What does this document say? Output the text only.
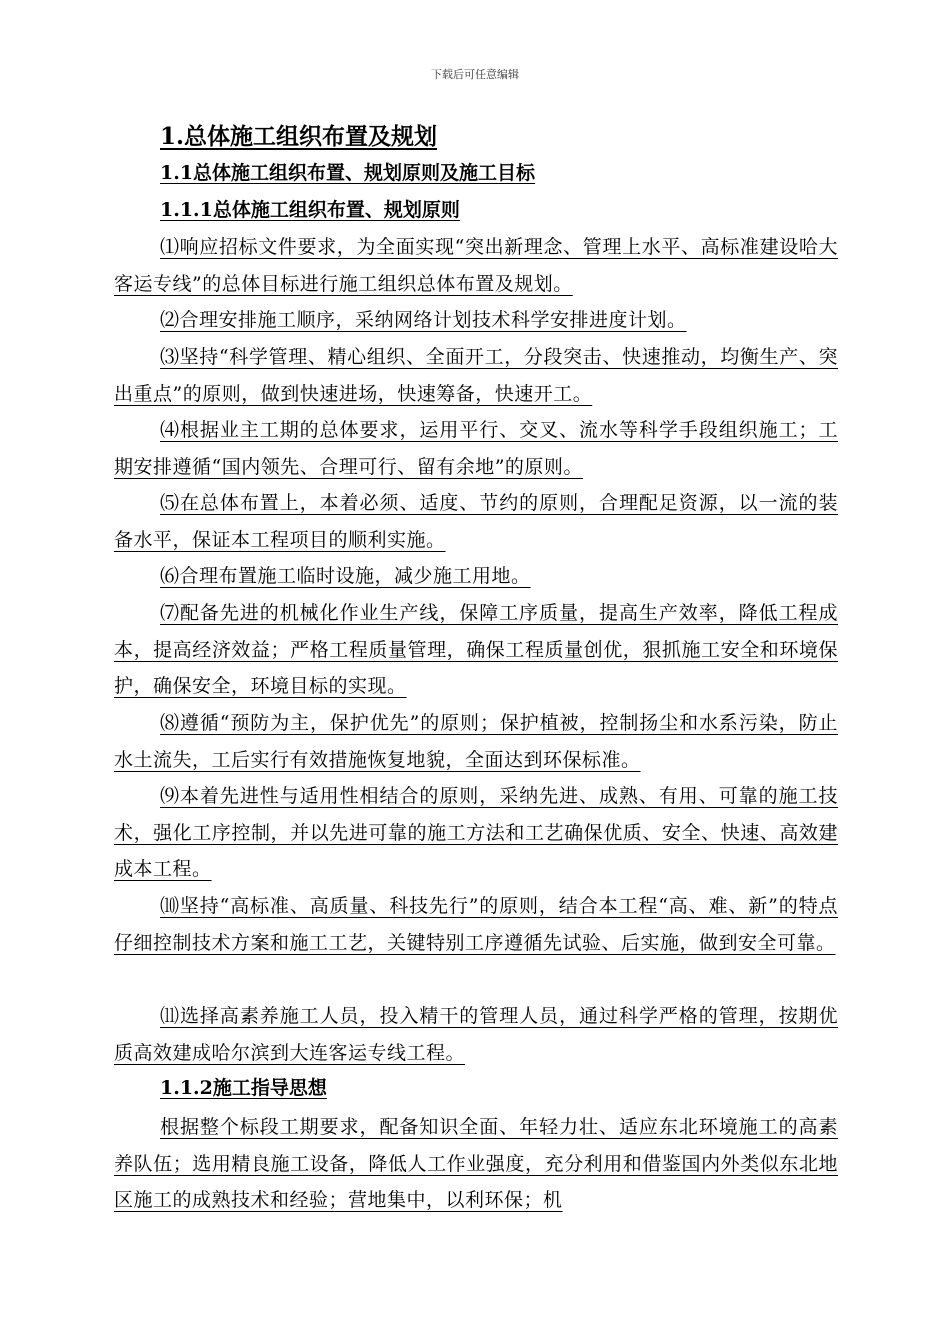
下载后可任意编辑
1.总体施工组织布置及规划
1.1总体施工组织布置、规划原则及施工目标
1.1.1总体施工组织布置、规划原则
⑴响应招标文件要求，为全面实现“突出新理念、管理上水平、高标准建设哈大客运专线”的总体目标进行施工组织总体布置及规划。
⑵合理安排施工顺序，采纳网络计划技术科学安排进度计划。
⑶坚持“科学管理、精心组织、全面开工，分段突击、快速推动，均衡生产、突出重点”的原则，做到快速进场，快速筹备，快速开工。
⑷根据业主工期的总体要求，运用平行、交叉、流水等科学手段组织施工；工期安排遵循“国内领先、合理可行、留有余地”的原则。
⑸在总体布置上，本着必须、适度、节约的原则，合理配足资源，以一流的装备水平，保证本工程项目的顺利实施。
⑹合理布置施工临时设施，减少施工用地。
⑺配备先进的机械化作业生产线，保障工序质量，提高生产效率，降低工程成本，提高经济效益；严格工程质量管理，确保工程质量创优，狠抓施工安全和环境保护，确保安全，环境目标的实现。
⑻遵循“预防为主，保护优先”的原则；保护植被，控制扬尘和水系污染，防止水土流失，工后实行有效措施恢复地貌，全面达到环保标准。
⑼本着先进性与适用性相结合的原则，采纳先进、成熟、有用、可靠的施工技术，强化工序控制，并以先进可靠的施工方法和工艺确保优质、安全、快速、高效建成本工程。
⑽坚持“高标准、高质量、科技先行”的原则，结合本工程“高、难、新”的特点仔细控制技术方案和施工工艺，关键特别工序遵循先试验、后实施，做到安全可靠。
⑾选择高素养施工人员，投入精干的管理人员，通过科学严格的管理，按期优质高效建成哈尔滨到大连客运专线工程。
1.1.2施工指导思想
根据整个标段工期要求，配备知识全面、年轻力壮、适应东北环境施工的高素养队伍；选用精良施工设备，降低人工作业强度，充分利用和借鉴国内外类似东北地区施工的成熟技术和经验；营地集中，以利环保；机
